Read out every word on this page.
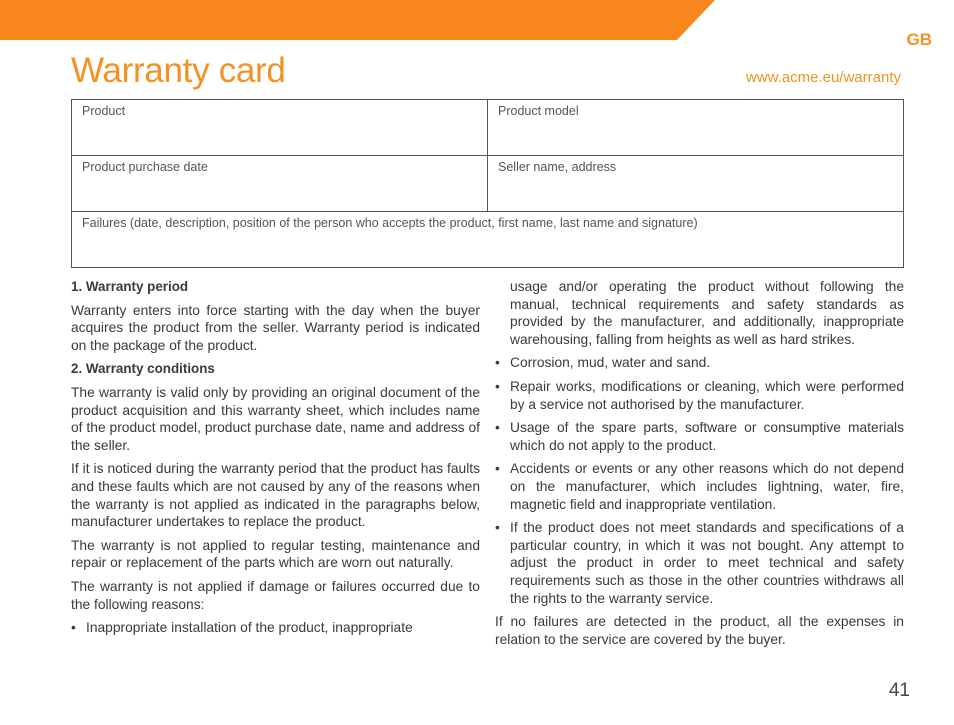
GB
Warranty card	www.acme.eu/warranty
Product	Product model
Product purchase date	Seller name, address
Failures (date, description, position of the person who accepts the product, first name, last name and signature)	
1. Warranty period

Warranty enters into force starting with the day when the buyer acquires the product from the seller. Warranty period is indicated on the package of the product.

2. Warranty conditions

The warranty is valid only by providing an original document of the product acquisition and this warranty sheet, which includes name of the product model, product purchase date, name and address of the seller.

If it is noticed during the warranty period that the product has faults and these faults which are not caused by any of the reasons when the warranty is not applied as indicated in the paragraphs below, manufacturer undertakes to replace the product.

The warranty is not applied to regular testing, maintenance and repair or replacement of the parts which are worn out naturally.

The warranty is not applied if damage or failures occurred due to the following reasons:

• Inappropriate installation of the product, inappropriate
usage and/or operating the product without following the manual, technical requirements and safety standards as provided by the manufacturer, and additionally, inappropriate warehousing, falling from heights as well as hard strikes.
• Corrosion, mud, water and sand.
• Repair works, modifications or cleaning, which were performed by a service not authorised by the manufacturer.
• Usage of the spare parts, software or consumptive materials which do not apply to the product.
• Accidents or events or any other reasons which do not depend on the manufacturer, which includes lightning, water, fire, magnetic field and inappropriate ventilation.
• If the product does not meet standards and specifications of a particular country, in which it was not bought. Any attempt to adjust the product in order to meet technical and safety requirements such as those in the other countries withdraws all the rights to the warranty service.

If no failures are detected in the product, all the expenses in relation to the service are covered by the buyer.

41
